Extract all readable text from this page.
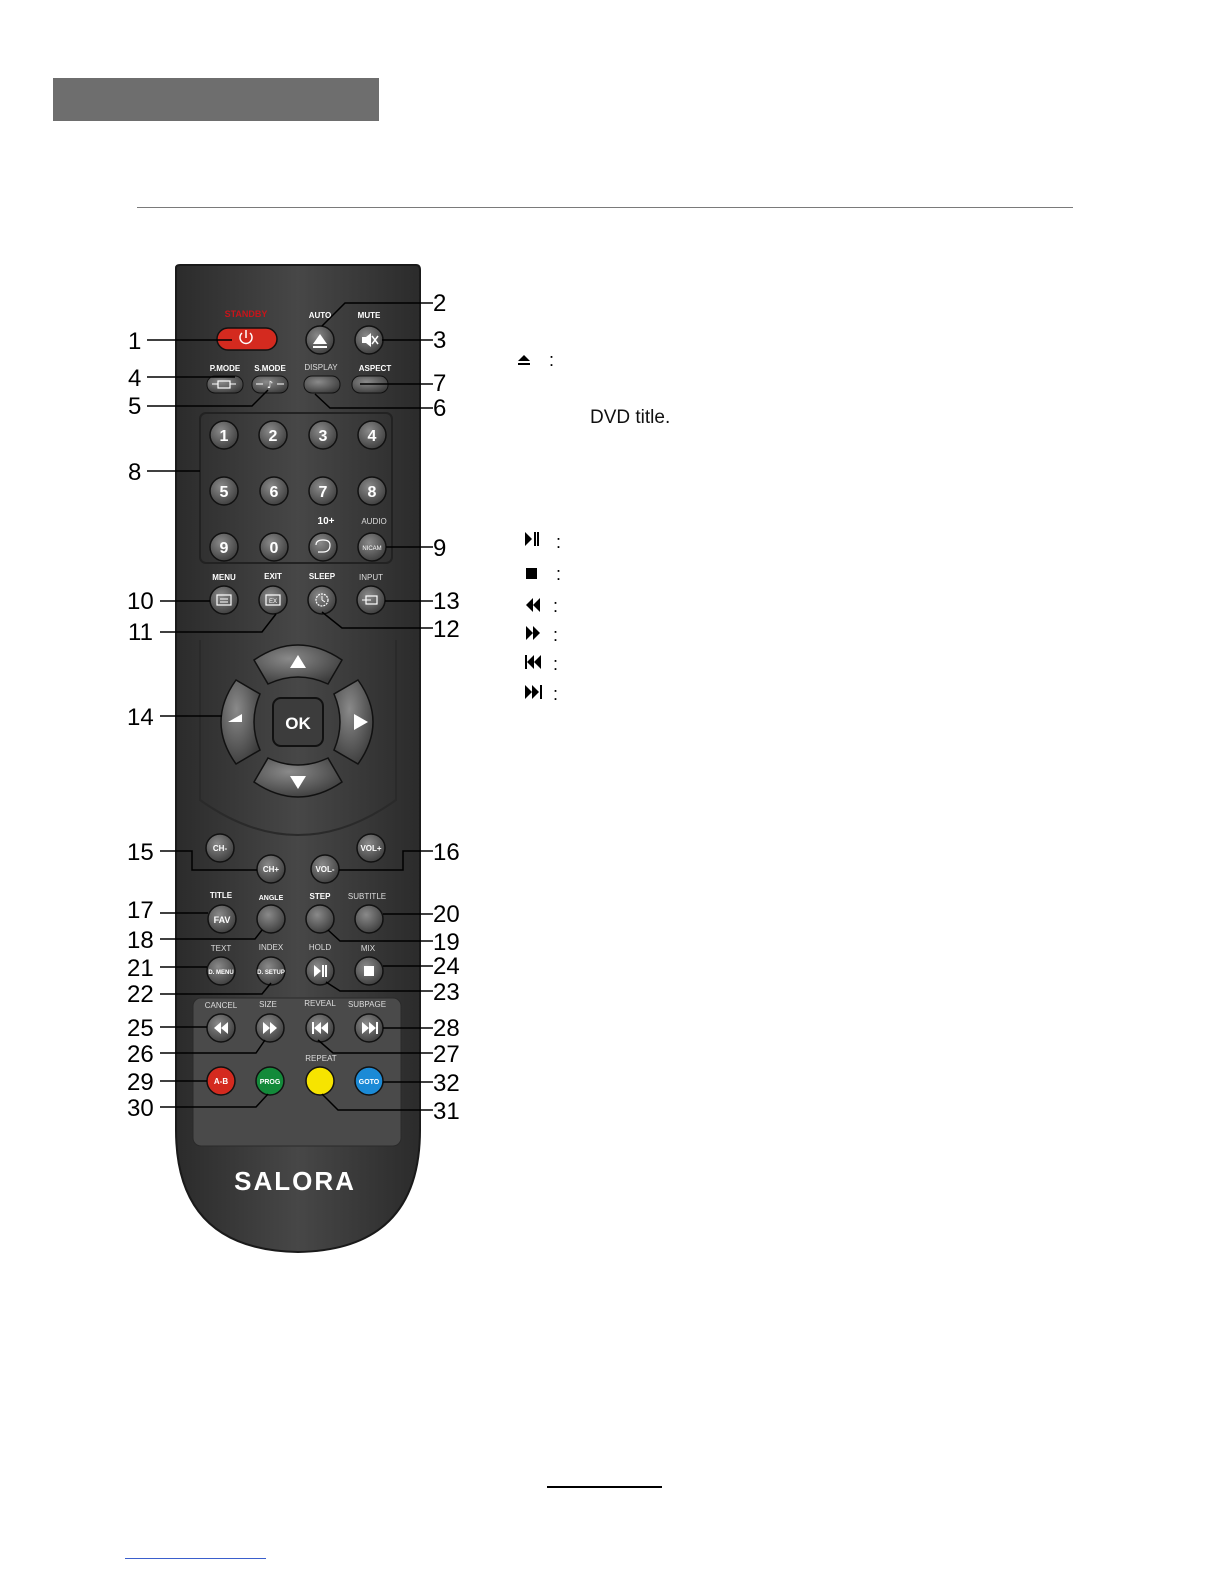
STANDBY	AUTO	MUTE
P.MODE S.MODE
♪
DISPLAY	ASPECT
1	2	3	4
5	6	7	8
9	0
10+	AUDIO
NICAM
MENU	EXIT
EX
SLEEP	INPUT
OK
CH-
CH+	VOL-
VOL+
TITLE
FAV
ANGLE	STEP SUBTITLE
TEXT
D. MENU
INDEX
D. SETUP
HOLD	MIX
CANCEL	SIZE	REVEAL SUBPAGE
REPEAT
A-B	PROG	GOTO
SALORA
1
2
3
4
5	6
7
8
9
10
11	12
13
14
15	16
17
18	19
20
21
22	23
24
25
26	27
28
29
30	31
32
:
DVD title.
:
:
:
:
:
:
